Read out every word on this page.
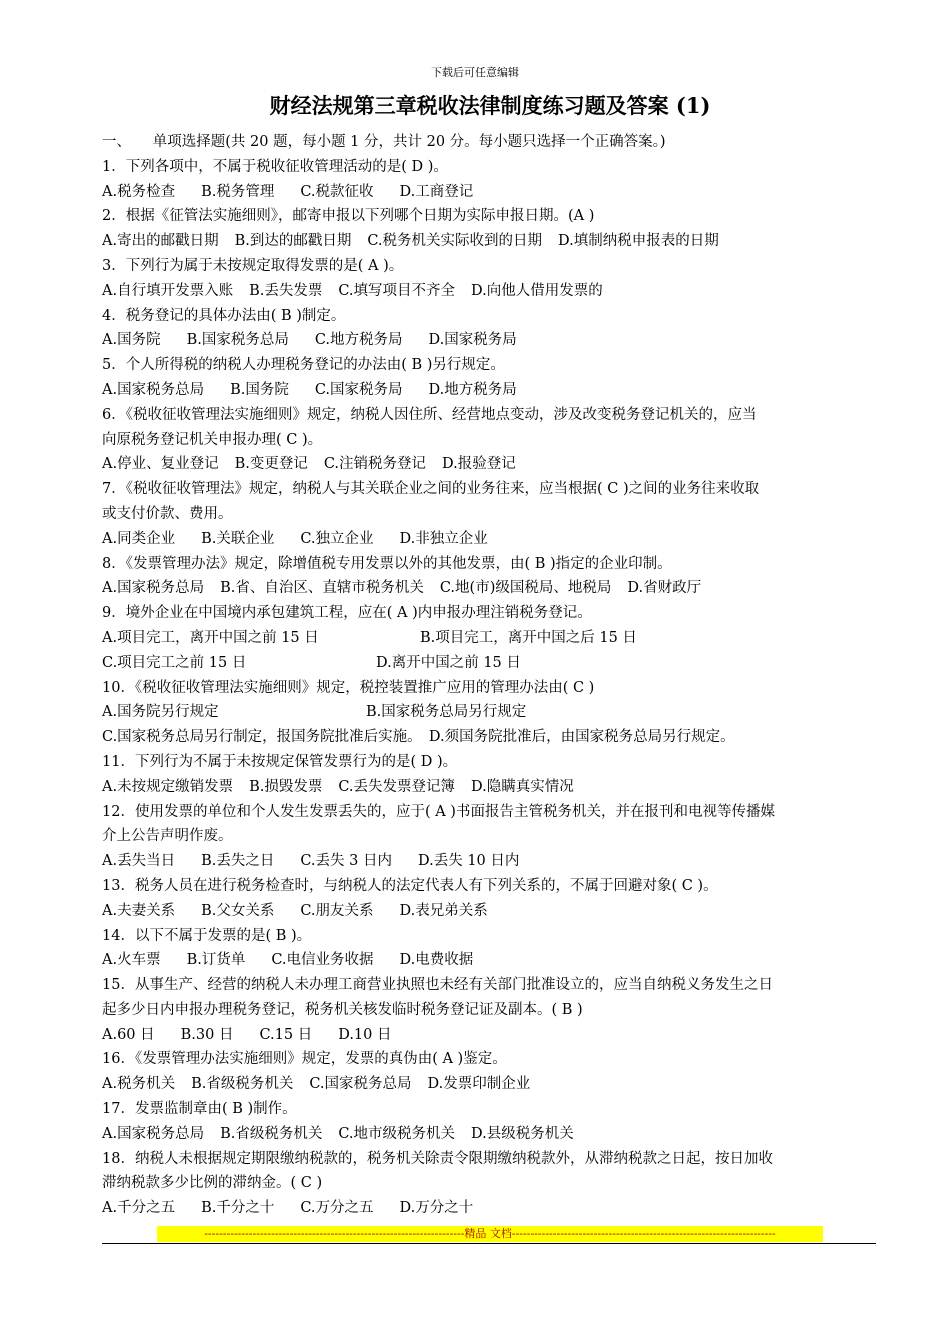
下载后可任意编辑
财经法规第三章税收法律制度练习题及答案 (1)
一、　　单项选择题(共 20 题，每小题 1 分，共计 20 分。每小题只选择一个正确答案。)
1．下列各项中，不属于税收征收管理活动的是( D )。
A.税务检查 B.税务管理 C.税款征收 D.工商登记
2．根据《征管法实施细则》，邮寄申报以下列哪个日期为实际申报日期。(A )
A.寄出的邮戳日期 B.到达的邮戳日期 C.税务机关实际收到的日期 D.填制纳税申报表的日期
3．下列行为属于未按规定取得发票的是( A )。
A.自行填开发票入账 B.丢失发票 C.填写项目不齐全 D.向他人借用发票的
4．税务登记的具体办法由( B )制定。
A.国务院 B.国家税务总局 C.地方税务局 D.国家税务局
5．个人所得税的纳税人办理税务登记的办法由( B )另行规定。
A.国家税务总局 B.国务院 C.国家税务局 D.地方税务局
6．《税收征收管理法实施细则》规定，纳税人因住所、经营地点变动，涉及改变税务登记机关的，应当
向原税务登记机关申报办理( C )。
A.停业、复业登记 B.变更登记 C.注销税务登记 D.报验登记
7．《税收征收管理法》规定，纳税人与其关联企业之间的业务往来，应当根据( C )之间的业务往来收取
或支付价款、费用。
A.同类企业 B.关联企业 C.独立企业 D.非独立企业
8．《发票管理办法》规定，除增值税专用发票以外的其他发票，由( B )指定的企业印制。
A.国家税务总局 B.省、自治区、直辖市税务机关 C.地(市)级国税局、地税局 D.省财政厅
9．境外企业在中国境内承包建筑工程，应在( A )内申报办理注销税务登记。
A.项目完工，离开中国之前 15 日	B.项目完工，离开中国之后 15 日
C.项目完工之前 15 日	D.离开中国之前 15 日
10．《税收征收管理法实施细则》规定，税控装置推广应用的管理办法由( C )
A.国务院另行规定	B.国家税务总局另行规定
C.国家税务总局另行制定，报国务院批准后实施。　D.须国务院批准后，由国家税务总局另行规定。
11．下列行为不属于未按规定保管发票行为的是( D )。
A.未按规定缴销发票 B.损毁发票 C.丢失发票登记簿 D.隐瞒真实情况
12．使用发票的单位和个人发生发票丢失的，应于( A )书面报告主管税务机关，并在报刊和电视等传播媒
介上公告声明作废。
A.丢失当日 B.丢失之日 C.丢失 3 日内 D.丢失 10 日内
13．税务人员在进行税务检查时，与纳税人的法定代表人有下列关系的，不属于回避对象( C )。
A.夫妻关系 B.父女关系 C.朋友关系 D.表兄弟关系
14．以下不属于发票的是( B )。
A.火车票 B.订货单 C.电信业务收据 D.电费收据
15．从事生产、经营的纳税人未办理工商营业执照也未经有关部门批准设立的，应当自纳税义务发生之日
起多少日内申报办理税务登记，税务机关核发临时税务登记证及副本。( B )
A.60 日 B.30 日 C.15 日 D.10 日
16．《发票管理办法实施细则》规定，发票的真伪由( A )鉴定。
A.税务机关 B.省级税务机关 C.国家税务总局 D.发票印制企业
17．发票监制章由( B )制作。
A.国家税务总局 B.省级税务机关 C.地市级税务机关 D.县级税务机关
18．纳税人未根据规定期限缴纳税款的，税务机关除责令限期缴纳税款外，从滞纳税款之日起，按日加收
滞纳税款多少比例的滞纳金。( C )
A.千分之五 B.千分之十 C.万分之五 D.万分之十
----------------------------------------------------------------------精品 文档-----------------------------------------------------------------------
